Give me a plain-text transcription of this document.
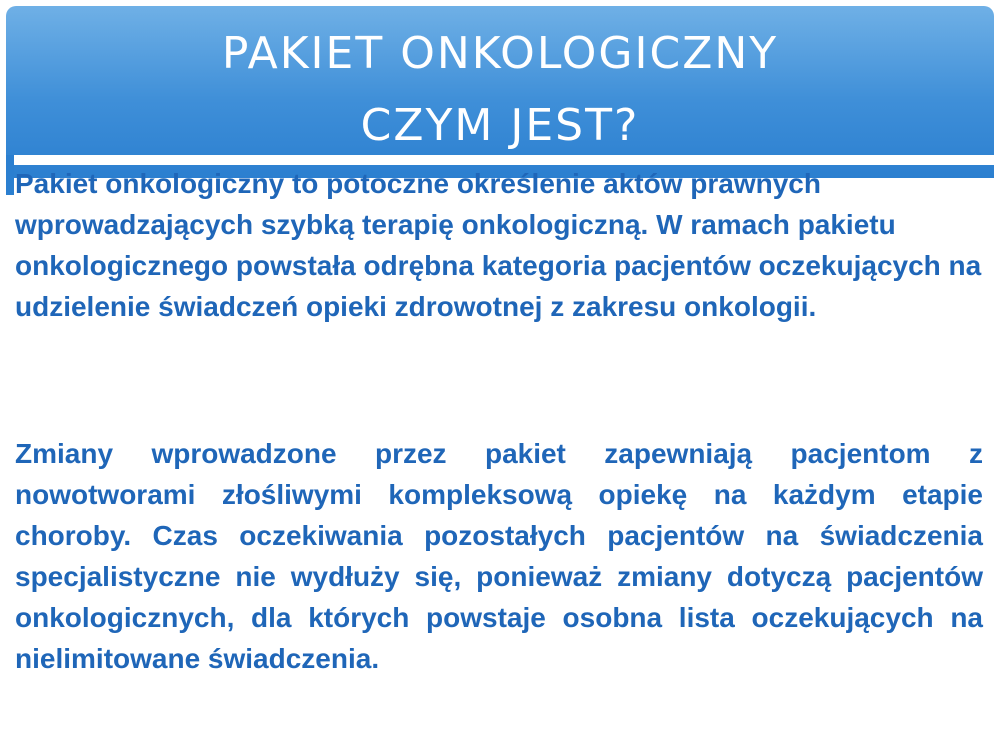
PAKIET ONKOLOGICZNY
CZYM JEST?

Pakiet onkologiczny to potoczne określenie aktów prawnych wprowadzających szybką terapię onkologiczną. W ramach pakietu onkologicznego powstała odrębna kategoria pacjentów oczekujących na udzielenie świadczeń opieki zdrowotnej z zakresu onkologii.

Zmiany wprowadzone przez pakiet zapewniają pacjentom z nowotworami złośliwymi kompleksową opiekę na każdym etapie choroby. Czas oczekiwania pozostałych pacjentów na świadczenia specjalistyczne nie wydłuży się, ponieważ zmiany dotyczą pacjentów onkologicznych, dla których powstaje osobna lista oczekujących na nielimitowane świadczenia.
